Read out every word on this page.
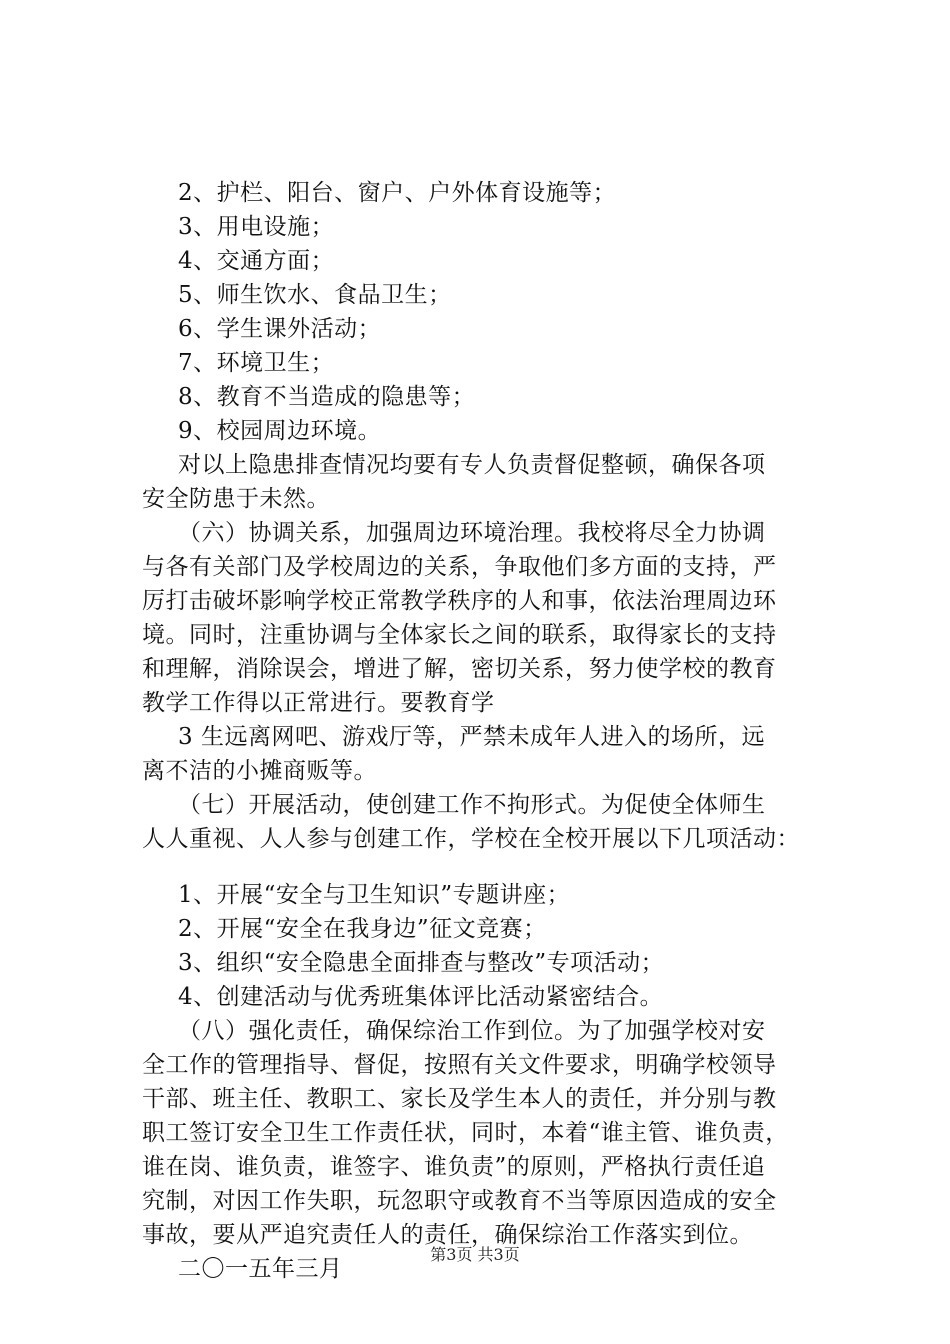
2、护栏、阳台、窗户、户外体育设施等；
3、用电设施；
4、交通方面；
5、师生饮水、食品卫生；
6、学生课外活动；
7、环境卫生；
8、教育不当造成的隐患等；
9、校园周边环境。
对以上隐患排查情况均要有专人负责督促整顿，确保各项
安全防患于未然。
（六）协调关系，加强周边环境治理。我校将尽全力协调
与各有关部门及学校周边的关系，争取他们多方面的支持，严
厉打击破坏影响学校正常教学秩序的人和事，依法治理周边环
境。同时，注重协调与全体家长之间的联系，取得家长的支持
和理解，消除误会，增进了解，密切关系，努力使学校的教育
教学工作得以正常进行。要教育学
3 生远离网吧、游戏厅等，严禁未成年人进入的场所，远
离不洁的小摊商贩等。
（七）开展活动，使创建工作不拘形式。为促使全体师生
人人重视、人人参与创建工作，学校在全校开展以下几项活动：
1、开展“安全与卫生知识”专题讲座；
2、开展“安全在我身边”征文竞赛；
3、组织“安全隐患全面排查与整改”专项活动；
4、创建活动与优秀班集体评比活动紧密结合。
（八）强化责任，确保综治工作到位。为了加强学校对安
全工作的管理指导、督促，按照有关文件要求，明确学校领导
干部、班主任、教职工、家长及学生本人的责任，并分别与教
职工签订安全卫生工作责任状，同时，本着“谁主管、谁负责，
谁在岗、谁负责，谁签字、谁负责”的原则，严格执行责任追
究制，对因工作失职，玩忽职守或教育不当等原因造成的安全
事故，要从严追究责任人的责任，确保综治工作落实到位。
二〇一五年三月
第3页 共3页
